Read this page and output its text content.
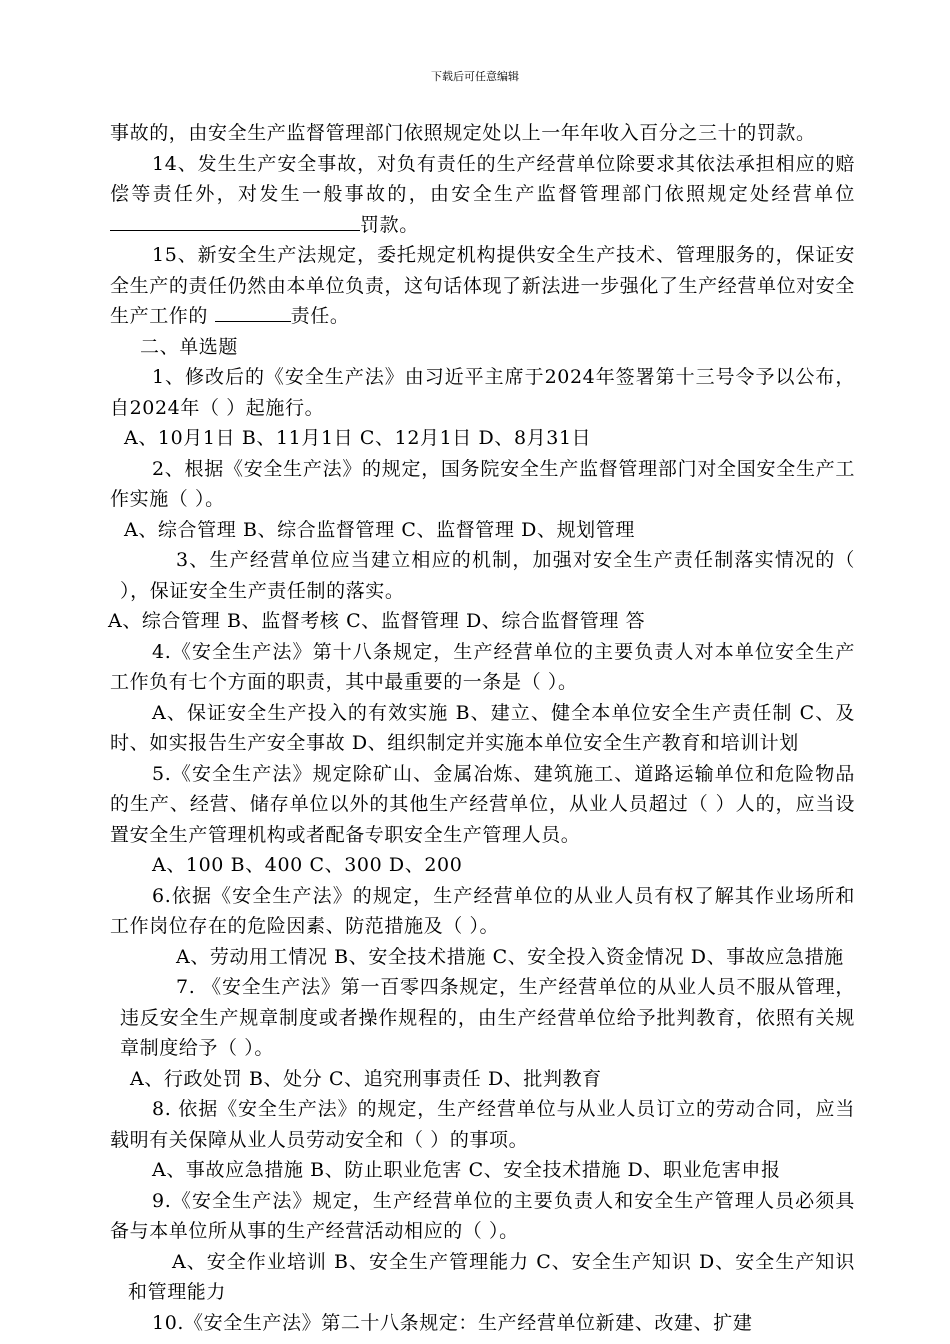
下载后可任意编辑

事故的，由安全生产监督管理部门依照规定处以上一年年收入百分之三十的罚款。

14、发生生产安全事故，对负有责任的生产经营单位除要求其依法承担相应的赔偿等责任外，对发生一般事故的，由安全生产监督管理部门依照规定处经营单位罚款。

15、新安全生产法规定，委托规定机构提供安全生产技术、管理服务的，保证安全生产的责任仍然由本单位负责，这句话体现了新法进一步强化了生产经营单位对安全生产工作的	责任。

二、单选题

1、修改后的《安全生产法》由习近平主席于2024年签署第十三号令予以公布，自2024年（ ）起施行。

A、10月1日 B、11月1日 C、12月1日 D、8月31日

2、根据《安全生产法》的规定，国务院安全生产监督管理部门对全国安全生产工作实施（ ）。

A、综合管理 B、综合监督管理 C、监督管理 D、规划管理

3、生产经营单位应当建立相应的机制，加强对安全生产责任制落实情况的（ ），保证安全生产责任制的落实。

A、综合管理 B、监督考核 C、监督管理 D、综合监督管理 答

4.《安全生产法》第十八条规定，生产经营单位的主要负责人对本单位安全生产工作负有七个方面的职责，其中最重要的一条是（ ）。

A、保证安全生产投入的有效实施 B、建立、健全本单位安全生产责任制 C、及时、如实报告生产安全事故 D、组织制定并实施本单位安全生产教育和培训计划

5.《安全生产法》规定除矿山、金属冶炼、建筑施工、道路运输单位和危险物品的生产、经营、储存单位以外的其他生产经营单位，从业人员超过（ ）人的，应当设置安全生产管理机构或者配备专职安全生产管理人员。

A、100 B、400 C、300 D、200

6.依据《安全生产法》的规定，生产经营单位的从业人员有权了解其作业场所和工作岗位存在的危险因素、防范措施及（ ）。

A、劳动用工情况 B、安全技术措施 C、安全投入资金情况 D、事故应急措施

7. 《安全生产法》第一百零四条规定，生产经营单位的从业人员不服从管理，违反安全生产规章制度或者操作规程的，由生产经营单位给予批判教育，依照有关规章制度给予（ ）。

A、行政处罚 B、处分 C、追究刑事责任 D、批判教育

8. 依据《安全生产法》的规定，生产经营单位与从业人员订立的劳动合同，应当载明有关保障从业人员劳动安全和（ ）的事项。

A、事故应急措施 B、防止职业危害 C、安全技术措施 D、职业危害申报

9.《安全生产法》规定，生产经营单位的主要负责人和安全生产管理人员必须具备与本单位所从事的生产经营活动相应的（ ）。

A、安全作业培训 B、安全生产管理能力 C、安全生产知识 D、安全生产知识和管理能力

10.《安全生产法》第二十八条规定：生产经营单位新建、改建、扩建
